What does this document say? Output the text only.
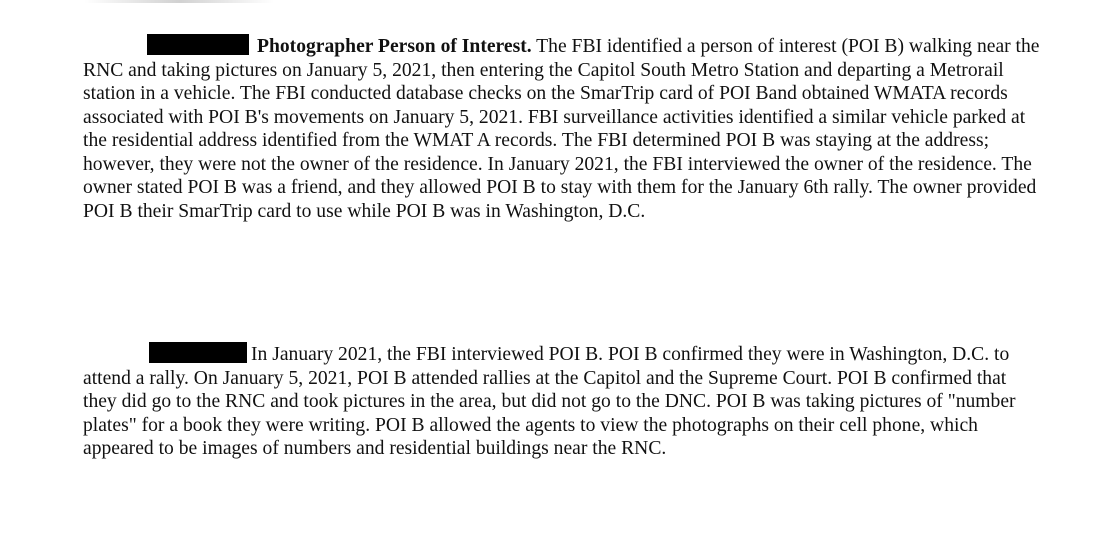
Photographer Person of Interest. The FBI identified a person of interest (POI B) walking near the RNC and taking pictures on January 5, 2021, then entering the Capitol South Metro Station and departing a Metrorail station in a vehicle. The FBI conducted database checks on the SmarTrip card of POI Band obtained WMATA records associated with POI B's movements on January 5, 2021. FBI surveillance activities identified a similar vehicle parked at the residential address identified from the WMAT A records. The FBI determined POI B was staying at the address; however, they were not the owner of the residence. In January 2021, the FBI interviewed the owner of the residence. The owner stated POI B was a friend, and they allowed POI B to stay with them for the January 6th rally. The owner provided POI B their SmarTrip card to use while POI B was in Washington, D.C.

In January 2021, the FBI interviewed POI B. POI B confirmed they were in Washington, D.C. to attend a rally. On January 5, 2021, POI B attended rallies at the Capitol and the Supreme Court. POI B confirmed that they did go to the RNC and took pictures in the area, but did not go to the DNC. POI B was taking pictures of "number plates" for a book they were writing. POI B allowed the agents to view the photographs on their cell phone, which appeared to be images of numbers and residential buildings near the RNC.
